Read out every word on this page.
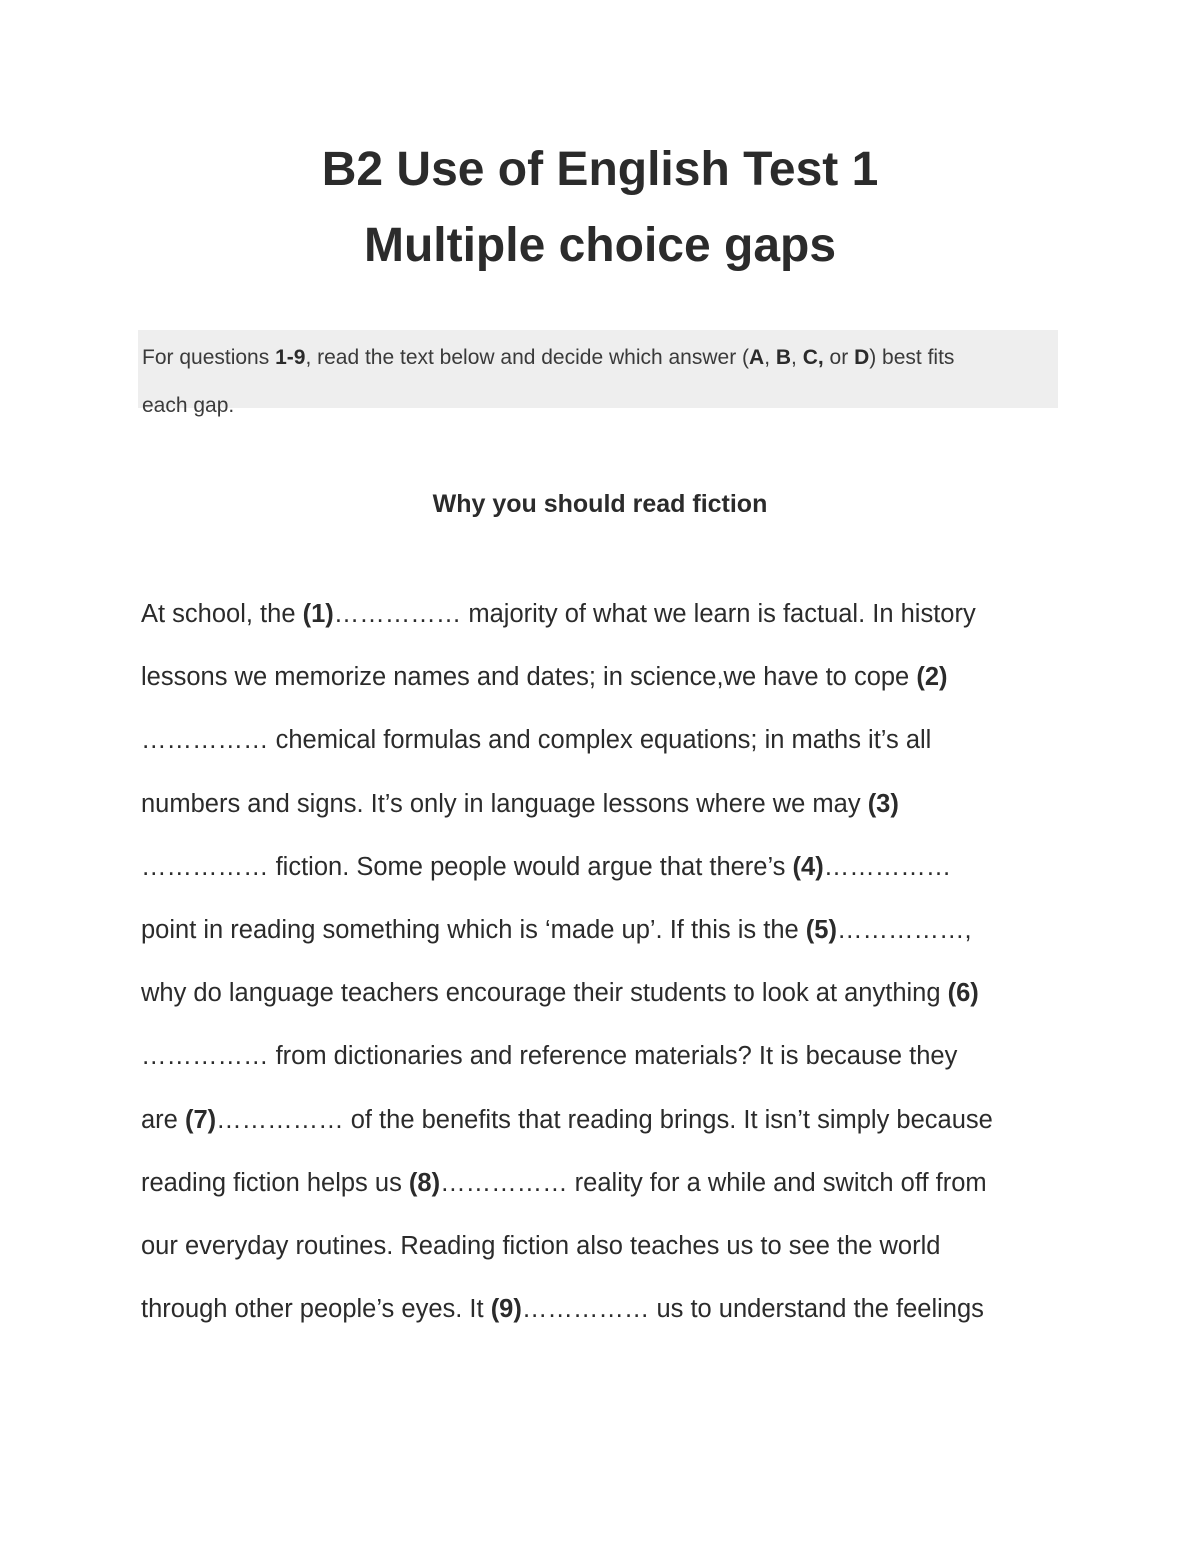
B2 Use of English Test 1
Multiple choice gaps
For questions 1-9, read the text below and decide which answer (A, B, C, or D) best fits
each gap.
Why you should read fiction
At school, the (1)…………… majority of what we learn is factual. In history
lessons we memorize names and dates; in science,we have to cope (2)
…………… chemical formulas and complex equations; in maths it’s all
numbers and signs. It’s only in language lessons where we may (3)
…………… fiction. Some people would argue that there’s (4)……………
point in reading something which is ‘made up’. If this is the (5)……………,
why do language teachers encourage their students to look at anything (6)
…………… from dictionaries and reference materials? It is because they
are (7)…………… of the benefits that reading brings. It isn’t simply because
reading fiction helps us (8)…………… reality for a while and switch off from
our everyday routines. Reading fiction also teaches us to see the world
through other people’s eyes. It (9)…………… us to understand the feelings
